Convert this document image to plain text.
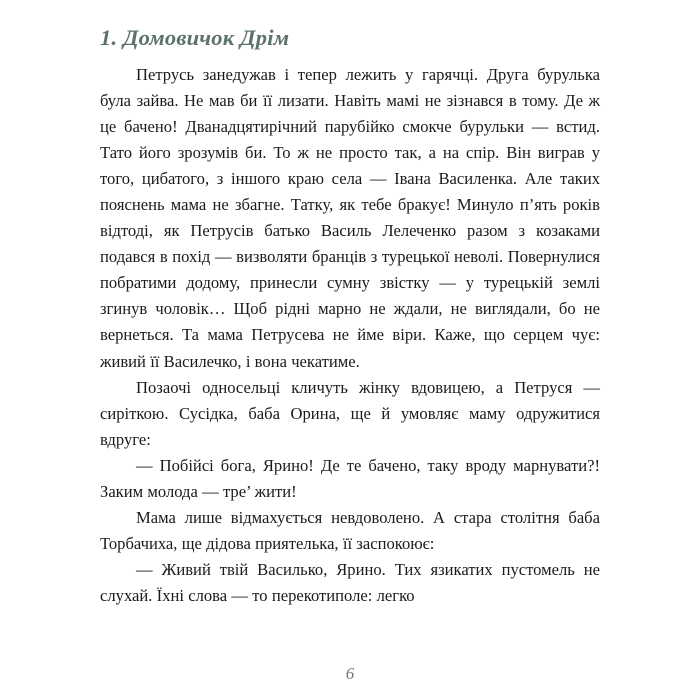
1. Домовичок Дрім

Петрусь занедужав і тепер лежить у гарячці. Друга бурулька була зайва. Не мав би її лизати. Навіть мамі не зізнався в тому. Де ж це бачено! Дванадцятирічний парубійко смокче бурульки — встид. Тато його зрозумів би. То ж не просто так, а на спір. Він виграв у того, цибатого, з іншого краю села — Івана Василенка. Але таких пояснень мама не збагне. Татку, як тебе бракує! Минуло п’ять років відтоді, як Петрусів батько Василь Лелеченко разом з козаками подався в похід — визволяти бранців з турецької неволі. Повернулися побратими додому, принесли сумну звістку — у турецькій землі згинув чоловік… Щоб рідні марно не ждали, не виглядали, бо не вернеться. Та мама Петрусева не йме віри. Каже, що серцем чує: живий її Василечко, і вона чекатиме.

Позаочі односельці кличуть жінку вдовицею, а Петруся — сиріткою. Сусідка, баба Орина, ще й умовляє маму одружитися вдруге:

— Побійсі бога, Ярино! Де те бачено, таку вроду марнувати?! Заким молода — тре’ жити!

Мама лише відмахується невдоволено. А стара столітня баба Торбачиха, ще дідова приятелька, її заспокоює:

— Живий твій Василько, Ярино. Тих язикатих пустомель не слухай. Їхні слова — то перекотиполе: легко

6
